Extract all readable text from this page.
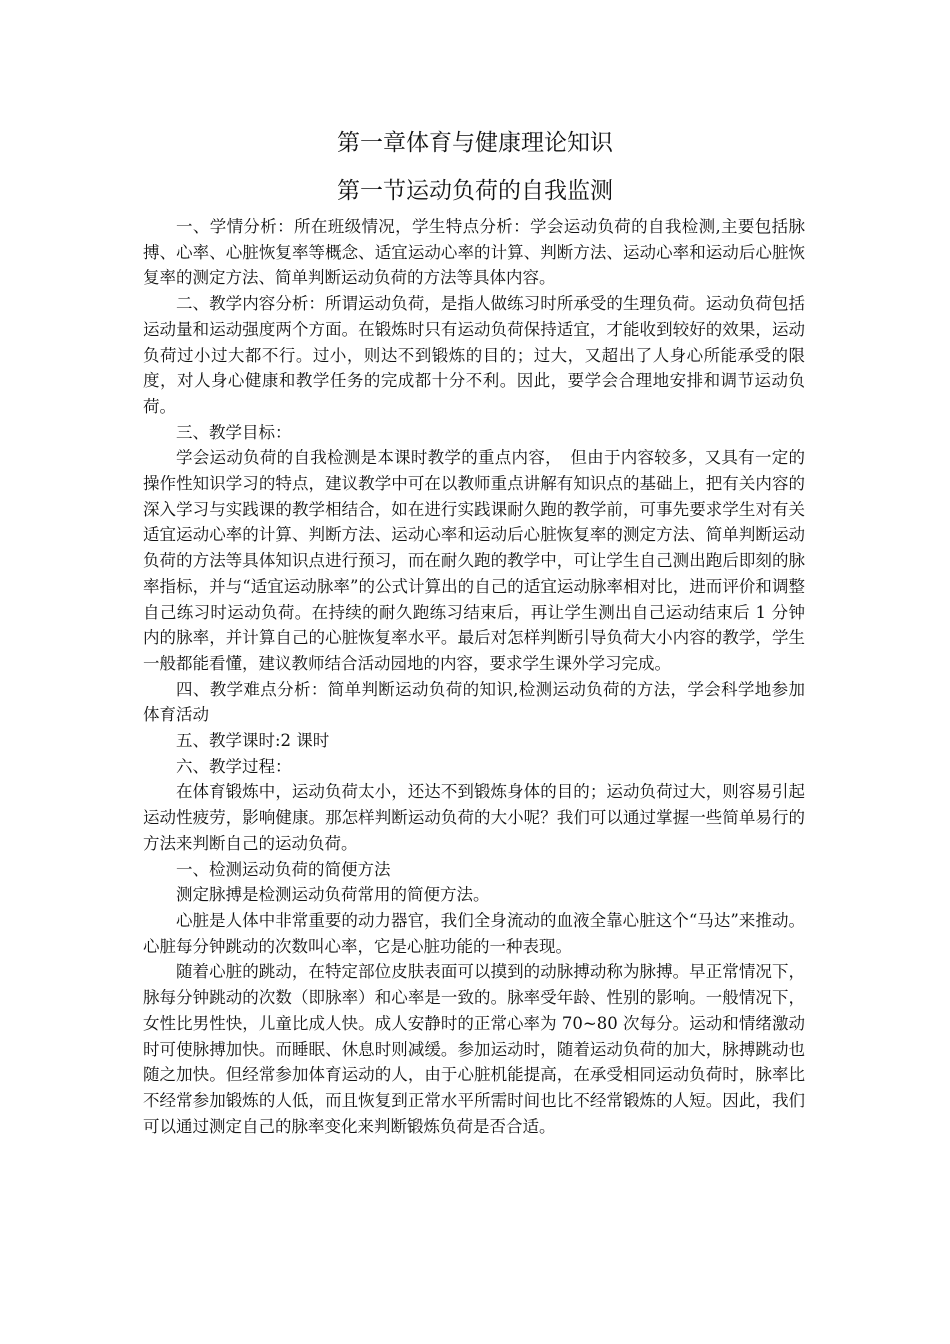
第一章体育与健康理论知识
第一节运动负荷的自我监测

一、学情分析：所在班级情况，学生特点分析：学会运动负荷的自我检测,主要包括脉搏、心率、心脏恢复率等概念、适宜运动心率的计算、判断方法、运动心率和运动后心脏恢复率的测定方法、简单判断运动负荷的方法等具体内容。

二、教学内容分析：所谓运动负荷，是指人做练习时所承受的生理负荷。运动负荷包括运动量和运动强度两个方面。在锻炼时只有运动负荷保持适宜，才能收到较好的效果，运动负荷过小过大都不行。过小，则达不到锻炼的目的；过大，又超出了人身心所能承受的限度，对人身心健康和教学任务的完成都十分不利。因此，要学会合理地安排和调节运动负荷。

三、教学目标：

学会运动负荷的自我检测是本课时教学的重点内容，　但由于内容较多，又具有一定的操作性知识学习的特点，建议教学中可在以教师重点讲解有知识点的基础上，把有关内容的深入学习与实践课的教学相结合，如在进行实践课耐久跑的教学前，可事先要求学生对有关适宜运动心率的计算、判断方法、运动心率和运动后心脏恢复率的测定方法、简单判断运动负荷的方法等具体知识点进行预习，而在耐久跑的教学中，可让学生自己测出跑后即刻的脉率指标，并与“适宜运动脉率”的公式计算出的自己的适宜运动脉率相对比，进而评价和调整自己练习时运动负荷。在持续的耐久跑练习结束后，再让学生测出自己运动结束后 1 分钟内的脉率，并计算自己的心脏恢复率水平。最后对怎样判断引导负荷大小内容的教学，学生一般都能看懂，建议教师结合活动园地的内容，要求学生课外学习完成。

四、教学难点分析：简单判断运动负荷的知识,检测运动负荷的方法，学会科学地参加体育活动

五、教学课时:2 课时

六、教学过程：

在体育锻炼中，运动负荷太小，还达不到锻炼身体的目的；运动负荷过大，则容易引起运动性疲劳，影响健康。那怎样判断运动负荷的大小呢？我们可以通过掌握一些简单易行的方法来判断自己的运动负荷。

一、检测运动负荷的简便方法

测定脉搏是检测运动负荷常用的简便方法。

心脏是人体中非常重要的动力器官，我们全身流动的血液全靠心脏这个“马达”来推动。心脏每分钟跳动的次数叫心率，它是心脏功能的一种表现。

随着心脏的跳动，在特定部位皮肤表面可以摸到的动脉搏动称为脉搏。早正常情况下，脉每分钟跳动的次数（即脉率）和心率是一致的。脉率受年龄、性别的影响。一般情况下，女性比男性快，儿童比成人快。成人安静时的正常心率为 70~80 次每分。运动和情绪激动时可使脉搏加快。而睡眠、休息时则减缓。参加运动时，随着运动负荷的加大，脉搏跳动也随之加快。但经常参加体育运动的人，由于心脏机能提高，在承受相同运动负荷时，脉率比不经常参加锻炼的人低，而且恢复到正常水平所需时间也比不经常锻炼的人短。因此，我们可以通过测定自己的脉率变化来判断锻炼负荷是否合适。
